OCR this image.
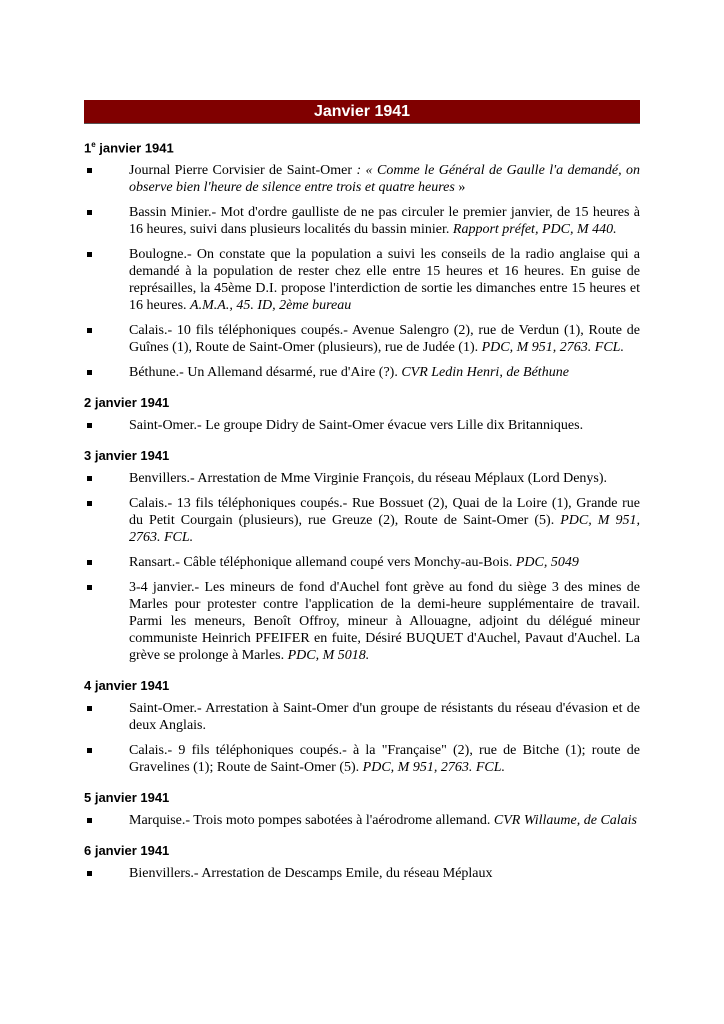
Janvier 1941
1e janvier 1941
Journal Pierre Corvisier de Saint-Omer : « Comme le Général de Gaulle l'a demandé, on observe bien l'heure de silence entre trois et quatre heures »
Bassin Minier.- Mot d'ordre gaulliste de ne pas circuler le premier janvier, de 15 heures à 16 heures, suivi dans plusieurs localités du bassin minier. Rapport préfet, PDC, M 440.
Boulogne.- On constate que la population a suivi les conseils de la radio anglaise qui a demandé à la population de rester chez elle entre 15 heures et 16 heures. En guise de représailles, la 45ème D.I. propose l'interdiction de sortie les dimanches entre 15 heures et 16 heures. A.M.A., 45. ID, 2ème bureau
Calais.- 10 fils téléphoniques coupés.- Avenue Salengro (2), rue de Verdun (1), Route de Guînes (1), Route de Saint-Omer (plusieurs), rue de Judée (1). PDC, M 951, 2763. FCL.
Béthune.- Un Allemand désarmé, rue d'Aire (?). CVR Ledin Henri, de Béthune
2 janvier 1941
Saint-Omer.- Le groupe Didry de Saint-Omer évacue vers Lille dix Britanniques.
3 janvier 1941
Benvillers.- Arrestation de Mme Virginie François, du réseau Méplaux (Lord Denys).
Calais.- 13 fils téléphoniques coupés.- Rue Bossuet (2), Quai de la Loire (1), Grande rue du Petit Courgain (plusieurs), rue Greuze (2), Route de Saint-Omer (5). PDC, M 951, 2763. FCL.
Ransart.- Câble téléphonique allemand coupé vers Monchy-au-Bois. PDC, 5049
3-4 janvier.- Les mineurs de fond d'Auchel font grève au fond du siège 3 des mines de Marles pour protester contre l'application de la demi-heure supplémentaire de travail. Parmi les meneurs, Benoît Offroy, mineur à Allouagne, adjoint du délégué mineur communiste Heinrich PFEIFER en fuite, Désiré BUQUET d'Auchel, Pavaut d'Auchel. La grève se prolonge à Marles. PDC, M 5018.
4 janvier 1941
Saint-Omer.- Arrestation à Saint-Omer d'un groupe de résistants du réseau d'évasion et de deux Anglais.
Calais.- 9 fils téléphoniques coupés.- à la "Française" (2), rue de Bitche (1); route de Gravelines (1); Route de Saint-Omer (5). PDC, M 951, 2763. FCL.
5 janvier 1941
Marquise.- Trois moto pompes sabotées à l'aérodrome allemand. CVR Willaume, de Calais
6 janvier 1941
Bienvillers.- Arrestation de Descamps Emile, du réseau Méplaux
